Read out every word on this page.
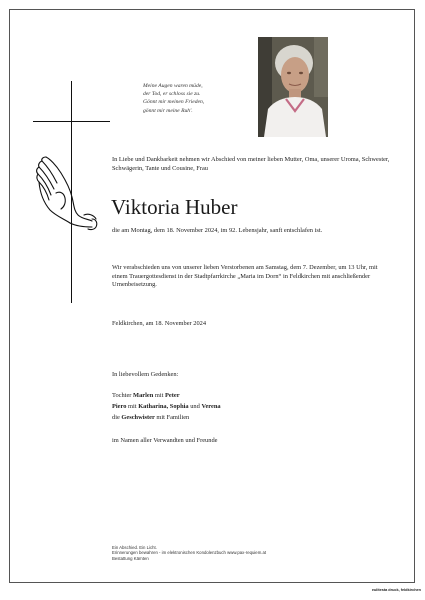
Meine Augen waren müde,
der Tod, er schloss sie zu.
Gönnt mir meinen Frieden,
gönnt mir meine Ruh'.
In Liebe und Dankbarkeit nehmen wir Abschied von meiner lieben Mutter, Oma, unserer Uroma, Schwester, Schwägerin, Tante und Cousine, Frau
Viktoria Huber
die am Montag, dem 18. November 2024, im 92. Lebensjahr, sanft entschlafen ist.
Wir verabschieden uns von unserer lieben Verstorbenen am Samstag, dem 7. Dezember, um 13 Uhr, mit einem Trauergottesdienst in der Stadtpfarrkirche „Maria im Dorn“ in Feldkirchen mit anschließender Urnenbeisetzung.
Feldkirchen, am 18. November 2024
In liebevollem Gedenken:
Tochter Marlen mit Peter
Piero mit Katharina, Sophia und Verena
die Geschwister mit Familien
im Namen aller Verwandten und Freunde
Ein Abschied. Ein Licht.
Erinnerungen bewahren - im elektronischen Kondolenzbuch www.pax-requiem.at
Bestattung Kärnten
eulitesta druck, feldkirchen
